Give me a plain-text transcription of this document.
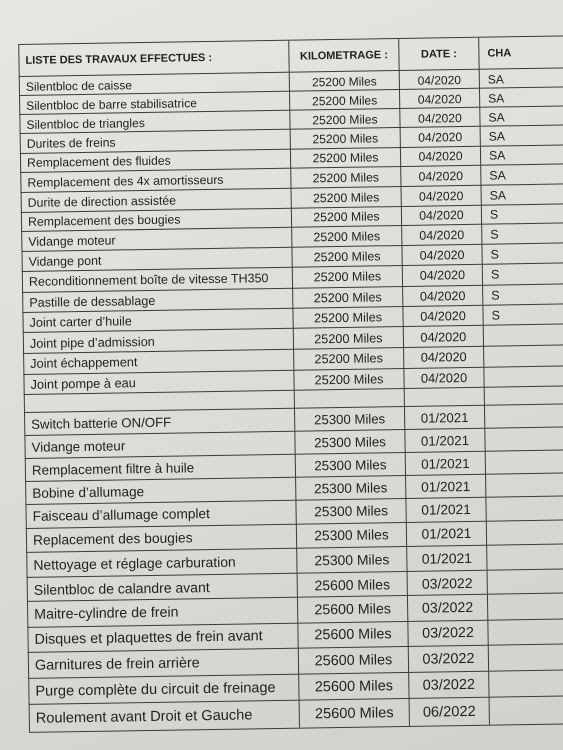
LISTE DES TRAVAUX EFFECTUES :	KILOMETRAGE :	DATE :	CHA
Silentbloc de caisse	25200 Miles	04/2020	SA
Silentbloc de barre stabilisatrice	25200 Miles	04/2020	SA
Silentbloc de triangles	25200 Miles	04/2020	SA
Durites de freins	25200 Miles	04/2020	SA
Remplacement des fluides	25200 Miles	04/2020	SA
Remplacement des 4x amortisseurs	25200 Miles	04/2020	SA
Durite de direction assistée	25200 Miles	04/2020	SA
Remplacement des bougies	25200 Miles	04/2020	S
Vidange moteur	25200 Miles	04/2020	S
Vidange pont	25200 Miles	04/2020	S
Reconditionnement boîte de vitesse TH350	25200 Miles	04/2020	S
Pastille de dessablage	25200 Miles	04/2020	S
Joint carter d’huile	25200 Miles	04/2020	S
Joint pipe d’admission	25200 Miles	04/2020
Joint échappement	25200 Miles	04/2020
Joint pompe à eau	25200 Miles	04/2020
Switch batterie ON/OFF	25300 Miles	01/2021
Vidange moteur	25300 Miles	01/2021
Remplacement filtre à huile	25300 Miles	01/2021
Bobine d’allumage	25300 Miles	01/2021
Faisceau d’allumage complet	25300 Miles	01/2021
Replacement des bougies	25300 Miles	01/2021
Nettoyage et réglage carburation	25300 Miles	01/2021
Silentbloc de calandre avant	25600 Miles	03/2022
Maitre-cylindre de frein	25600 Miles	03/2022
Disques et plaquettes de frein avant	25600 Miles	03/2022
Garnitures de frein arrière	25600 Miles	03/2022
Purge complète du circuit de freinage	25600 Miles	03/2022
Roulement avant Droit et Gauche	25600 Miles	06/2022
